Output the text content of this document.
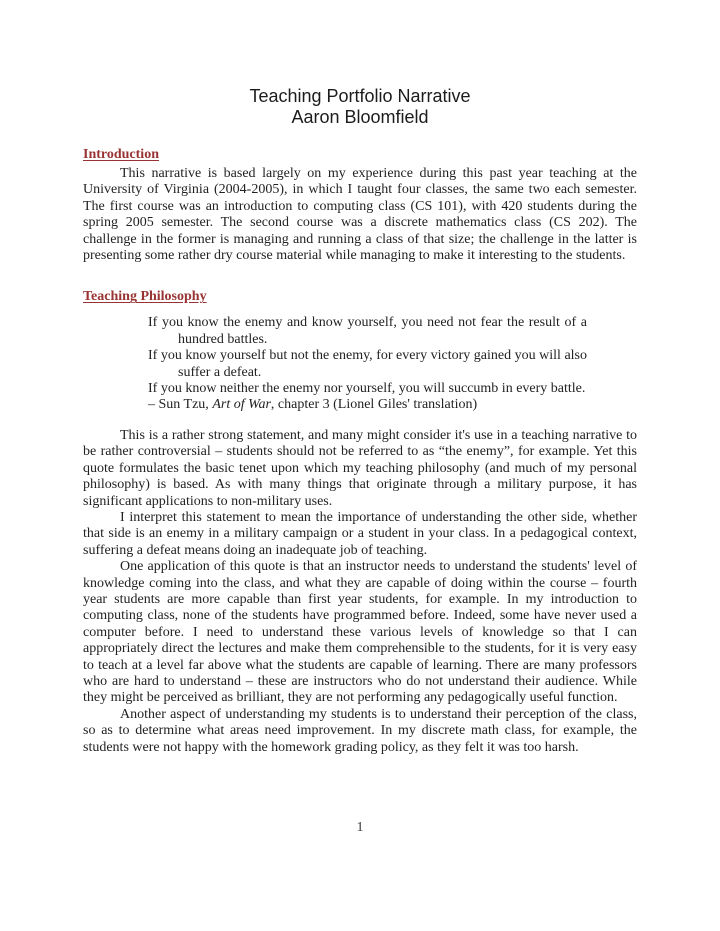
Teaching Portfolio Narrative
Aaron Bloomfield
Introduction

This narrative is based largely on my experience during this past year teaching at the University of Virginia (2004-2005), in which I taught four classes, the same two each semester. The first course was an introduction to computing class (CS 101), with 420 students during the spring 2005 semester. The second course was a discrete mathematics class (CS 202). The challenge in the former is managing and running a class of that size; the challenge in the latter is presenting some rather dry course material while managing to make it interesting to the students.

Teaching Philosophy

If you know the enemy and know yourself, you need not fear the result of a hundred battles.

If you know yourself but not the enemy, for every victory gained you will also suffer a defeat.

If you know neither the enemy nor yourself, you will succumb in every battle.

– Sun Tzu, Art of War, chapter 3 (Lionel Giles' translation)

This is a rather strong statement, and many might consider it's use in a teaching narrative to be rather controversial – students should not be referred to as “the enemy”, for example. Yet this quote formulates the basic tenet upon which my teaching philosophy (and much of my personal philosophy) is based. As with many things that originate through a military purpose, it has significant applications to non-military uses.

I interpret this statement to mean the importance of understanding the other side, whether that side is an enemy in a military campaign or a student in your class. In a pedagogical context, suffering a defeat means doing an inadequate job of teaching.

One application of this quote is that an instructor needs to understand the students' level of knowledge coming into the class, and what they are capable of doing within the course – fourth year students are more capable than first year students, for example. In my introduction to computing class, none of the students have programmed before. Indeed, some have never used a computer before. I need to understand these various levels of knowledge so that I can appropriately direct the lectures and make them comprehensible to the students, for it is very easy to teach at a level far above what the students are capable of learning. There are many professors who are hard to understand – these are instructors who do not understand their audience. While they might be perceived as brilliant, they are not performing any pedagogically useful function.

Another aspect of understanding my students is to understand their perception of the class, so as to determine what areas need improvement. In my discrete math class, for example, the students were not happy with the homework grading policy, as they felt it was too harsh.

1
